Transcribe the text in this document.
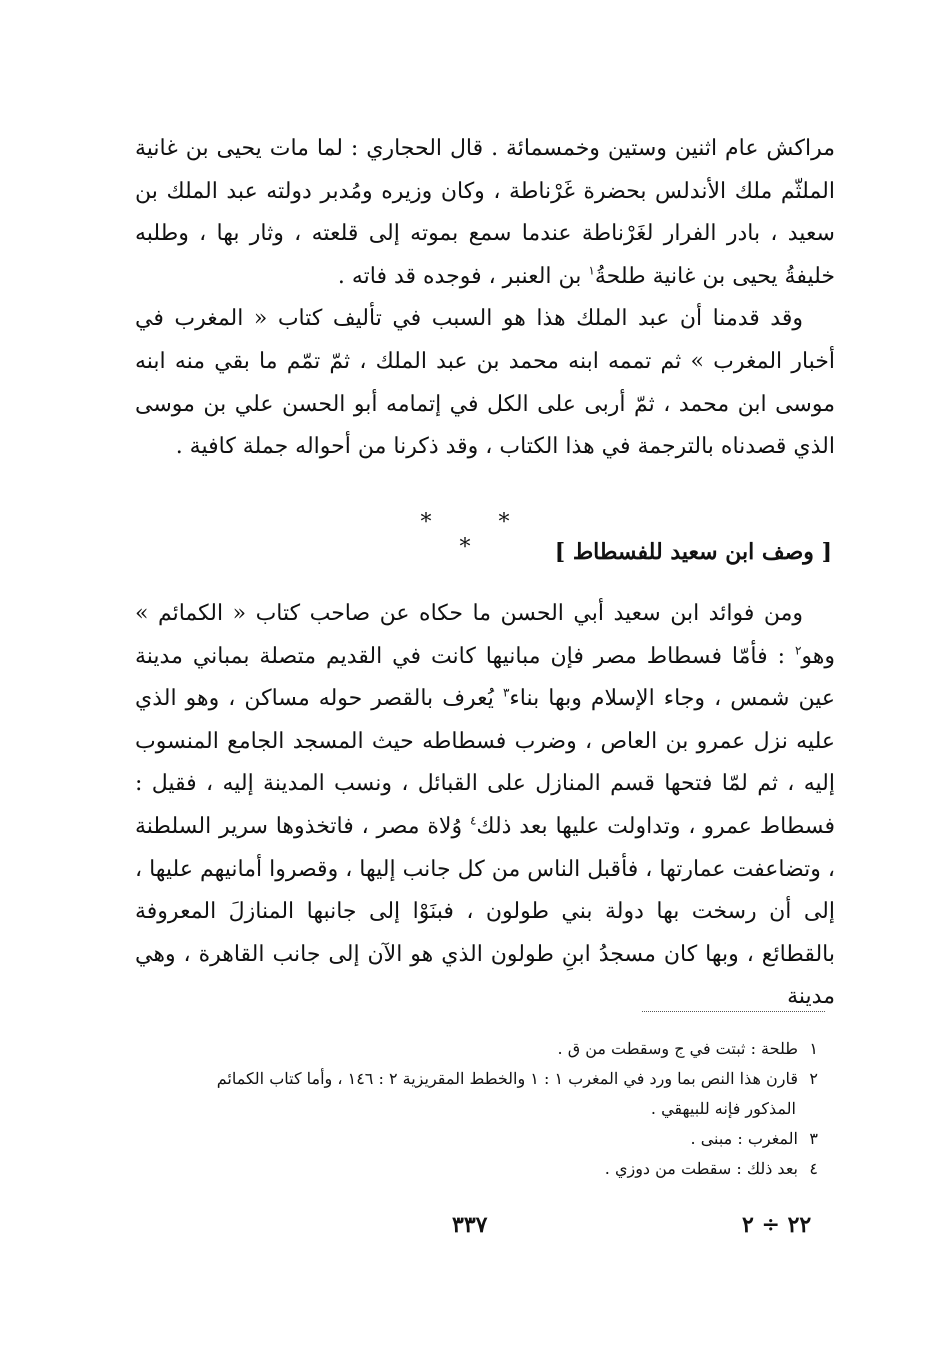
مراكش عام اثنين وستين وخمسمائة . قال الحجاري : لما مات يحيى بن غانية الملثّم ملك الأندلس بحضرة غَرْناطة ، وكان وزيره ومُدبر دولته عبد الملك بن سعيد ، بادر الفرار لغَرْناطة عندما سمع بموته إلى قلعته ، وثار بها ، وطلبه خليفةُ يحيى بن غانية طلحةُ$^١$ بن العنبر ، فوجده قد فاته .

وقد قدمنا أن عبد الملك هذا هو السبب في تأليف كتاب « المغرب في أخبار المغرب » ثم تممه ابنه محمد بن عبد الملك ، ثمّ تمّم ما بقي منه ابنه موسى ابن محمد ، ثمّ أربى على الكل في إتمامه أبو الحسن علي بن موسى الذي قصدناه بالترجمة في هذا الكتاب ، وقد ذكرنا من أحواله جملة كافية .

* * *	[ وصف ابن سعيد للفسطاط ]

ومن فوائد ابن سعيد أبي الحسن ما حكاه عن صاحب كتاب « الكمائم » وهو$^٢$ : فأمّا فسطاط مصر فإن مبانيها كانت في القديم متصلة بمباني مدينة عين شمس ، وجاء الإسلام وبها بناء$^٣$ يُعرف بالقصر حوله مساكن ، وهو الذي عليه نزل عمرو بن العاص ، وضرب فسطاطه حيث المسجد الجامع المنسوب إليه ، ثم لمّا فتحها قسم المنازل على القبائل ، ونسب المدينة إليه ، فقيل : فسطاط عمرو ، وتداولت عليها بعد ذلك$^٤$ وُلاة مصر ، فاتخذوها سرير السلطنة ، وتضاعفت عمارتها ، فأقبل الناس من كل جانب إليها ، وقصروا أمانيهم عليها ، إلى أن رسخت بها دولة بني طولون ، فبنَوْا إلى جانبها المنازلَ المعروفة بالقطائع ، وبها كان مسجدُ ابنِ طولون الذي هو الآن إلى جانب القاهرة ، وهي مدينة

١طلحة : ثبتت في ج وسقطت من ق .

٢قارن هذا النص بما ورد في المغرب ١ : ١ والخطط المقريزية ٢ : ١٤٦ ، وأما كتاب الكمائم

المذكور فإنه للبيهقي .

٣المغرب : مبنى .

٤بعد ذلك : سقطت من دوزي .

٣٣٧	٢٢ ÷ ٢
